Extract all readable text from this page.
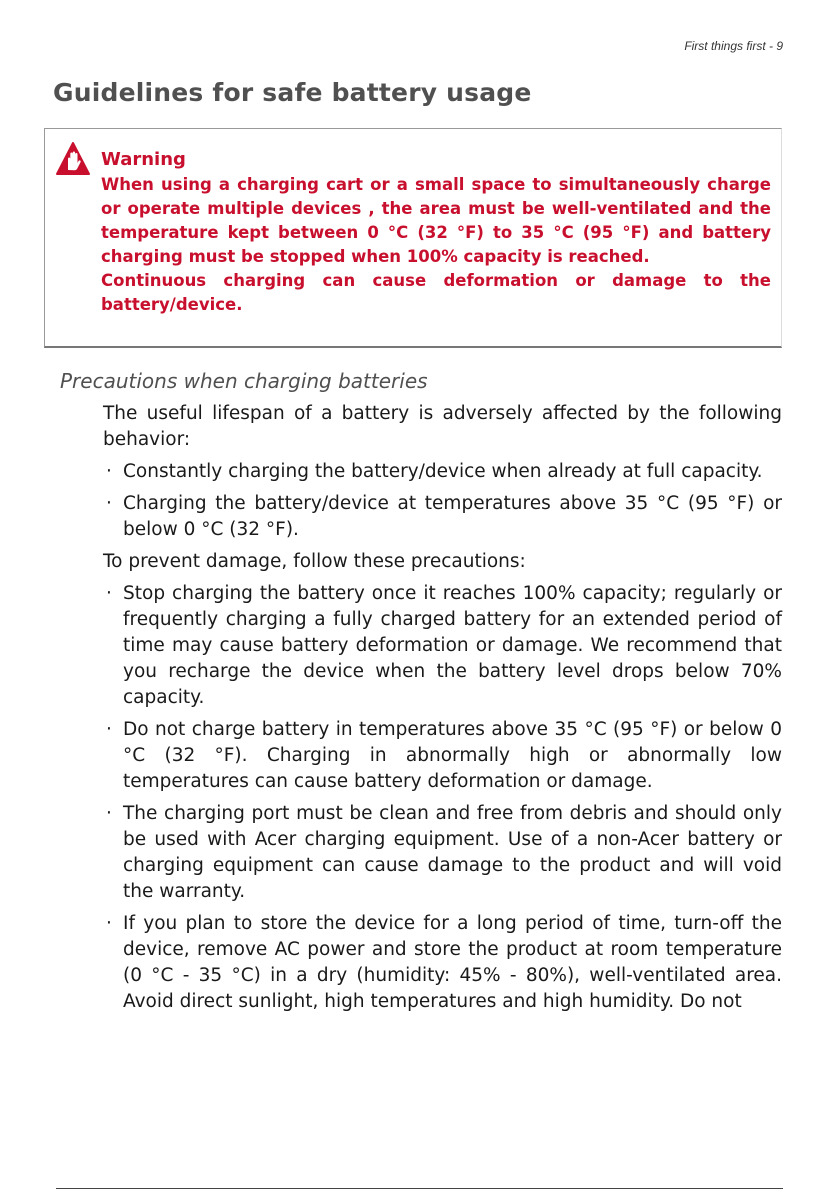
First things first - 9
Guidelines for safe battery usage
Warning

When using a charging cart or a small space to simultaneously charge or operate multiple devices , the area must be well-ventilated and the temperature kept between 0 °C (32 °F) to 35 °C (95 °F) and battery charging must be stopped when 100% capacity is reached.

Continuous charging can cause deformation or damage to the battery/device.

Precautions when charging batteries

The useful lifespan of a battery is adversely affected by the following behavior:

· Constantly charging the battery/device when already at full capacity.
· Charging the battery/device at temperatures above 35 °C (95 °F) or below 0 °C (32 °F).

To prevent damage, follow these precautions:

· Stop charging the battery once it reaches 100% capacity; regularly or frequently charging a fully charged battery for an extended period of time may cause battery deformation or damage. We recommend that you recharge the device when the battery level drops below 70% capacity.
· Do not charge battery in temperatures above 35 °C (95 °F) or below 0 °C (32 °F). Charging in abnormally high or abnormally low temperatures can cause battery deformation or damage.
· The charging port must be clean and free from debris and should only be used with Acer charging equipment. Use of a non-Acer battery or charging equipment can cause damage to the product and will void the warranty.
· If you plan to store the device for a long period of time, turn-off the device, remove AC power and store the product at room temperature (0 °C - 35 °C) in a dry (humidity: 45% - 80%), well-ventilated area. Avoid direct sunlight, high temperatures and high humidity. Do not
